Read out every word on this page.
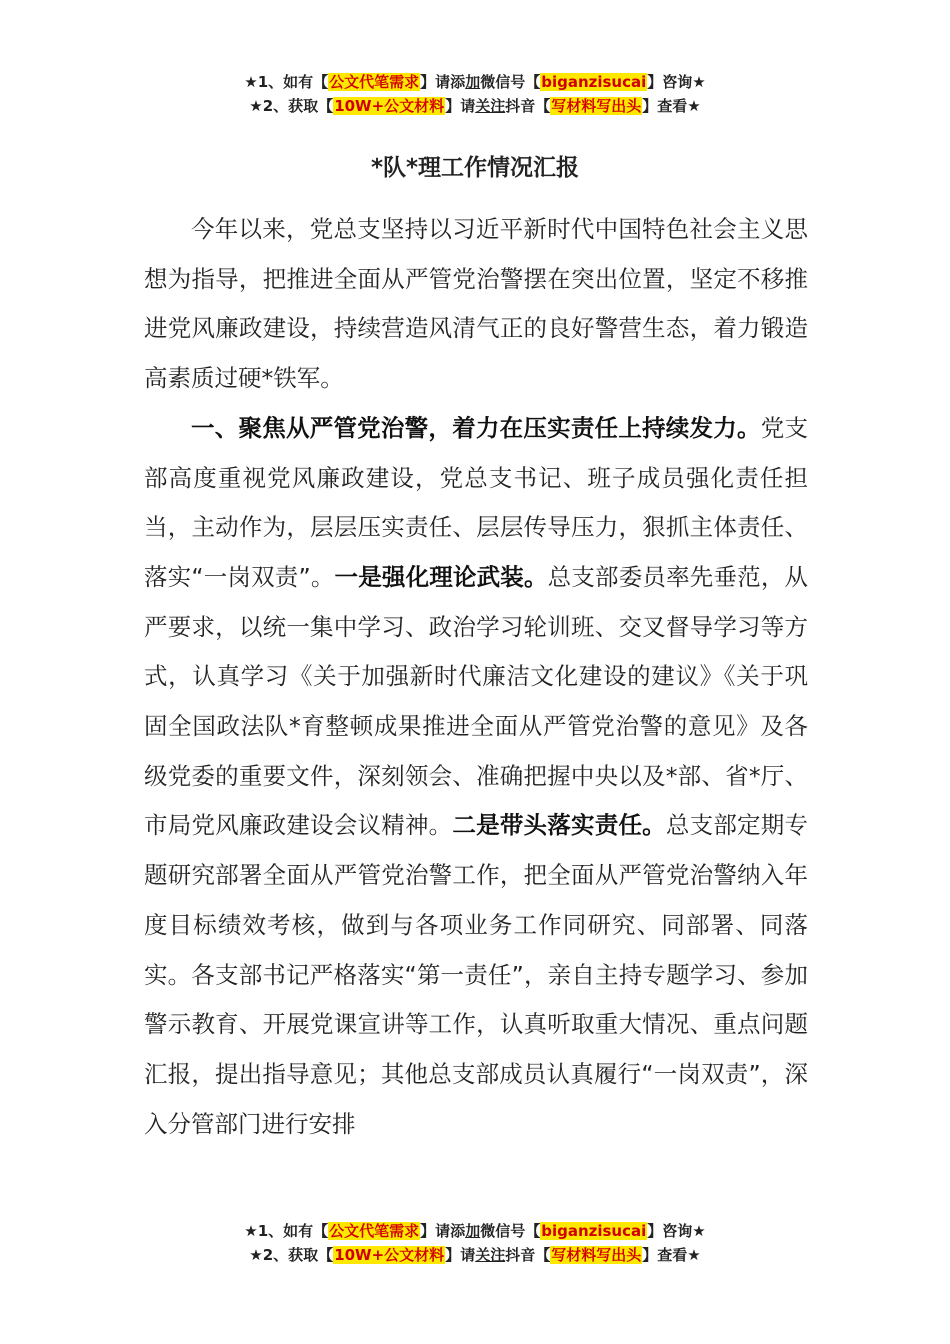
★1、如有【公文代笔需求】请添加微信号【biganzisucai】咨询★
★2、获取【10W+公文材料】请关注抖音【写材料写出头】查看★
*队*理工作情况汇报

今年以来，党总支坚持以习近平新时代中国特色社会主义思想为指导，把推进全面从严管党治警摆在突出位置，坚定不移推进党风廉政建设，持续营造风清气正的良好警营生态，着力锻造高素质过硬*铁军。

一、聚焦从严管党治警，着力在压实责任上持续发力。党支部高度重视党风廉政建设，党总支书记、班子成员强化责任担当，主动作为，层层压实责任、层层传导压力，狠抓主体责任、落实“一岗双责”。一是强化理论武装。总支部委员率先垂范，从严要求，以统一集中学习、政治学习轮训班、交叉督导学习等方式，认真学习《关于加强新时代廉洁文化建设的建议》《关于巩固全国政法队*育整顿成果推进全面从严管党治警的意见》及各级党委的重要文件，深刻领会、准确把握中央以及*部、省*厅、市局党风廉政建设会议精神。二是带头落实责任。总支部定期专题研究部署全面从严管党治警工作，把全面从严管党治警纳入年度目标绩效考核，做到与各项业务工作同研究、同部署、同落实。各支部书记严格落实“第一责任”，亲自主持专题学习、参加警示教育、开展党课宣讲等工作，认真听取重大情况、重点问题汇报，提出指导意见；其他总支部成员认真履行“一岗双责”，深入分管部门进行安排

★1、如有【公文代笔需求】请添加微信号【biganzisucai】咨询★
★2、获取【10W+公文材料】请关注抖音【写材料写出头】查看★
